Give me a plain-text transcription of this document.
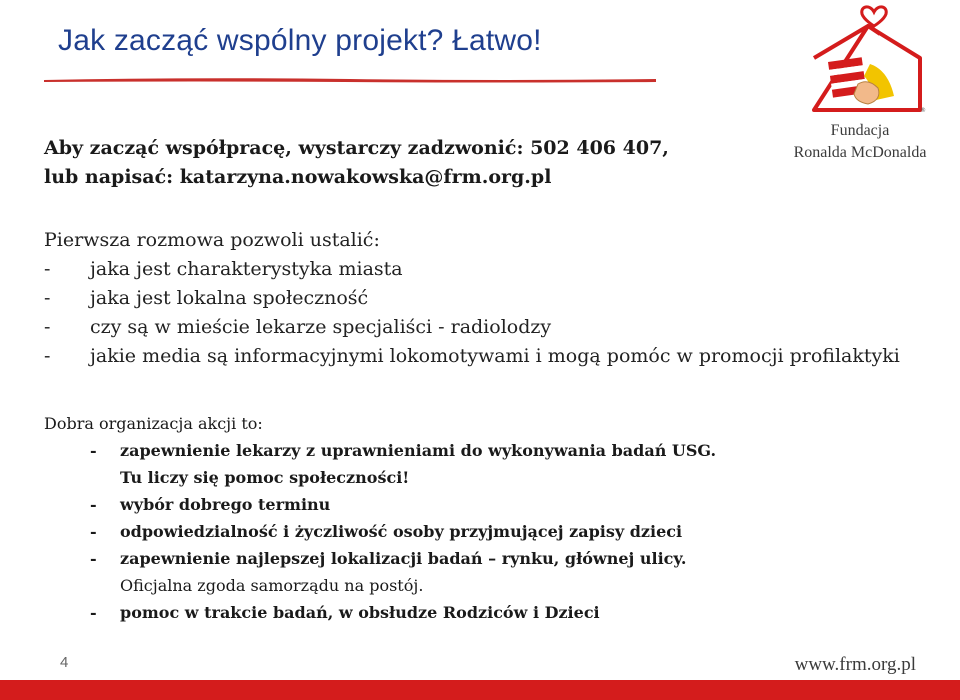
Jak zacząć wspólny projekt? Łatwo!
®
Fundacja
Ronalda McDonalda
Aby zacząć współpracę, wystarczy zadzwonić: 502 406 407,
lub napisać: katarzyna.nowakowska@frm.org.pl

Pierwsza rozmowa pozwoli ustalić:

- jaka jest charakterystyka miasta
- jaka jest lokalna społeczność
- czy są w mieście lekarze specjaliści - radiolodzy
- jakie media są informacyjnymi lokomotywami i mogą pomóc w promocji profilaktyki

Dobra organizacja akcji to:

- zapewnienie lekarzy z uprawnieniami do wykonywania badań USG.
Tu liczy się pomoc społeczności!
- wybór dobrego terminu
- odpowiedzialność i życzliwość osoby przyjmującej zapisy dzieci
- zapewnienie najlepszej lokalizacji badań – rynku, głównej ulicy.
Oficjalna zgoda samorządu na postój.
- pomoc w trakcie badań, w obsłudze Rodziców i Dzieci
4	www.frm.org.pl
